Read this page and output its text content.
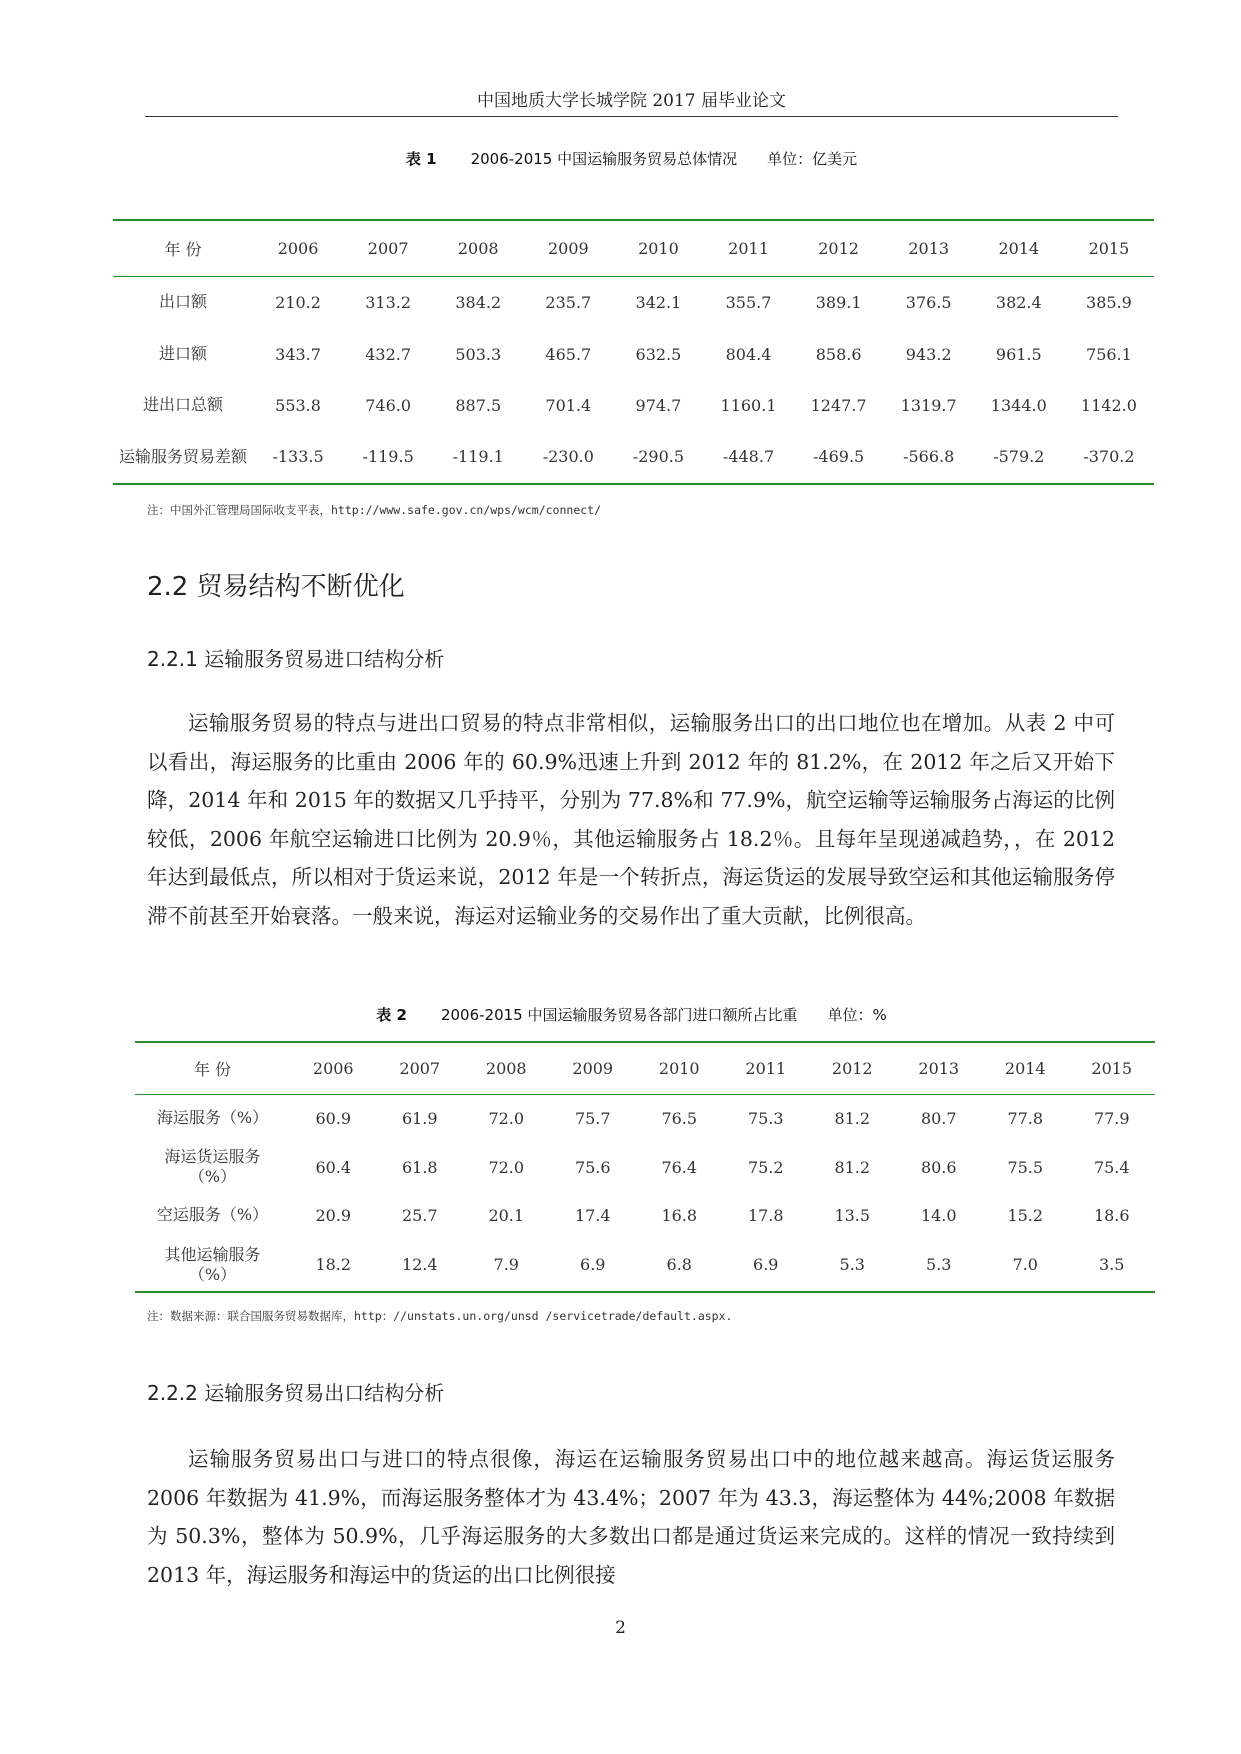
中国地质大学长城学院 2017 届毕业论文
表 1 2006-2015 中国运输服务贸易总体情况 单位：亿美元
年 份	2006	2007	2008	2009	2010	2011	2012	2013	2014	2015
出口额	210.2	313.2	384.2	235.7	342.1	355.7	389.1	376.5	382.4	385.9
进口额	343.7	432.7	503.3	465.7	632.5	804.4	858.6	943.2	961.5	756.1
进出口总额	553.8	746.0	887.5	701.4	974.7	1160.1	1247.7	1319.7	1344.0	1142.0
运输服务贸易差额	-133.5	-119.5	-119.1	-230.0	-290.5	-448.7	-469.5	-566.8	-579.2	-370.2
注：中国外汇管理局国际收支平表，http://www.safe.gov.cn/wps/wcm/connect/
2.2 贸易结构不断优化
2.2.1 运输服务贸易进口结构分析
运输服务贸易的特点与进出口贸易的特点非常相似，运输服务出口的出口地位也在增加。从表 2 中可以看出，海运服务的比重由 2006 年的 60.9%迅速上升到 2012 年的 81.2%，在 2012 年之后又开始下降，2014 年和 2015 年的数据又几乎持平，分别为 77.8%和 77.9%，航空运输等运输服务占海运的比例较低，2006 年航空运输进口比例为 20.9％，其他运输服务占 18.2％。且每年呈现递减趋势，，在 2012 年达到最低点，所以相对于货运来说，2012 年是一个转折点，海运货运的发展导致空运和其他运输服务停滞不前甚至开始衰落。一般来说，海运对运输业务的交易作出了重大贡献，比例很高。
表 2 2006-2015 中国运输服务贸易各部门进口额所占比重 单位：%
年 份	2006	2007	2008	2009	2010	2011	2012	2013	2014	2015
海运服务（%）	60.9	61.9	72.0	75.7	76.5	75.3	81.2	80.7	77.8	77.9
海运货运服务（%）	60.4	61.8	72.0	75.6	76.4	75.2	81.2	80.6	75.5	75.4
空运服务（%）	20.9	25.7	20.1	17.4	16.8	17.8	13.5	14.0	15.2	18.6
其他运输服务（%）	18.2	12.4	7.9	6.9	6.8	6.9	5.3	5.3	7.0	3.5
注：数据来源：联合国服务贸易数据库，http：//unstats.un.org/unsd /servicetrade/default.aspx.
2.2.2 运输服务贸易出口结构分析
运输服务贸易出口与进口的特点很像，海运在运输服务贸易出口中的地位越来越高。海运货运服务 2006 年数据为 41.9%，而海运服务整体才为 43.4%；2007 年为 43.3，海运整体为 44%;2008 年数据为 50.3%，整体为 50.9%，几乎海运服务的大多数出口都是通过货运来完成的。这样的情况一致持续到 2013 年，海运服务和海运中的货运的出口比例很接
2
